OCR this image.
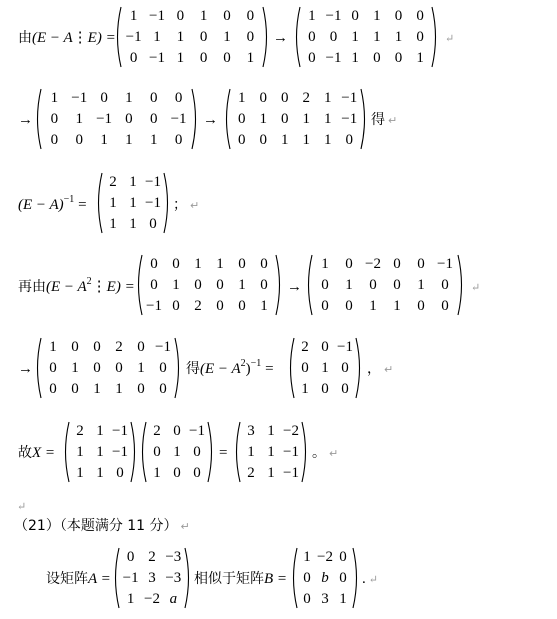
由(E − A⋮E) =
1 −1 0	1	0	0
−1 1	1	0	1	0
0 −1 1	0	0	1
→
1 −1 0 1 0 0
0 0 1 1 1 0
0 −1 1 0 0 1
↵
→
1 −1 0	1	0	0
0	1 −1 0	0 −1
0	0	1	1	1	0
→
1 0 0 2 1 −1
0 1 0 1 1 −1
0 0 1 1 1 0
得 ↵
$(E - A)^{-1}$ =
2 1 −1
1 1 −1
1 1 0
； ↵
再由$(E - A^2⋮E)$ =
0 0 1 1 0 0
0 1 0 0 1 0
−1 0 2 0 0 1
→
1	0 −2 0	0 −1
0	1	0	0	1	0
0	0	1	1	0	0
↵
→
1 0 0 2 0 −1
0 1 0 0 1 0
0 0 1 1 0 0
得$(E - A^2)^{-1}$ =
2 0 −1
0 1 0
1 0 0
， ↵
故X =
2 1 −1
1 1 −1
1 1 0
2 0 −1
0 1 0
1 0 0
=
3 1 −2
1 1 −1
2 1 −1
。 ↵
↵
（21）（本题满分 11 分） ↵
设矩阵A =
0 2 −3
−1 3 −3
1 −2 a
相似于矩阵B =
1 −2 0
0 b 0
0 3 1
. ↵
